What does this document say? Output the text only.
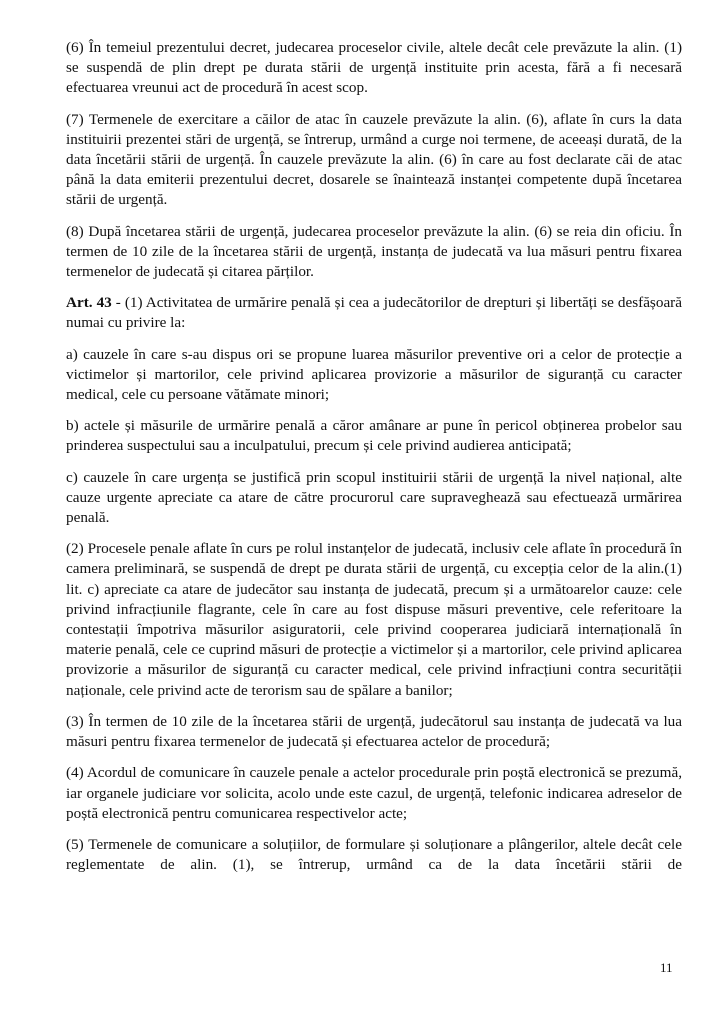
(6) În temeiul prezentului decret, judecarea proceselor civile, altele decât cele prevăzute la alin. (1) se suspendă de plin drept pe durata stării de urgență instituite prin acesta, fără a fi necesară efectuarea vreunui act de procedură în acest scop.

(7) Termenele de exercitare a căilor de atac în cauzele prevăzute la alin. (6), aflate în curs la data instituirii prezentei stări de urgență, se întrerup, urmând a curge noi termene, de aceeași durată, de la data încetării stării de urgență. În cauzele prevăzute la alin. (6) în care au fost declarate căi de atac până la data emiterii prezentului decret, dosarele se înaintează instanței competente după încetarea stării de urgență.

(8) După încetarea stării de urgență, judecarea proceselor prevăzute la alin. (6) se reia din oficiu. În termen de 10 zile de la încetarea stării de urgență, instanța de judecată va lua măsuri pentru fixarea termenelor de judecată și citarea părților.

Art. 43 - (1) Activitatea de urmărire penală și cea a judecătorilor de drepturi și libertăți se desfășoară numai cu privire la:

a) cauzele în care s-au dispus ori se propune luarea măsurilor preventive ori a celor de protecție a victimelor și martorilor, cele privind aplicarea provizorie a măsurilor de siguranță cu caracter medical, cele cu persoane vătămate minori;

b) actele și măsurile de urmărire penală a căror amânare ar pune în pericol obținerea probelor sau prinderea suspectului sau a inculpatului, precum și cele privind audierea anticipată;

c) cauzele în care urgența se justifică prin scopul instituirii stării de urgență la nivel național, alte cauze urgente apreciate ca atare de către procurorul care supraveghează sau efectuează urmărirea penală.

(2) Procesele penale aflate în curs pe rolul instanțelor de judecată, inclusiv cele aflate în procedură în camera preliminară, se suspendă de drept pe durata stării de urgență, cu excepția celor de la alin.(1) lit. c) apreciate ca atare de judecător sau instanța de judecată, precum și a următoarelor cauze: cele privind infracțiunile flagrante, cele în care au fost dispuse măsuri preventive, cele referitoare la contestații împotriva măsurilor asiguratorii, cele privind cooperarea judiciară internațională în materie penală, cele ce cuprind măsuri de protecție a victimelor și a martorilor, cele privind aplicarea provizorie a măsurilor de siguranță cu caracter medical, cele privind infracțiuni contra securității naționale, cele privind acte de terorism sau de spălare a banilor;

(3) În termen de 10 zile de la încetarea stării de urgență, judecătorul sau instanța de judecată va lua măsuri pentru fixarea termenelor de judecată și efectuarea actelor de procedură;

(4) Acordul de comunicare în cauzele penale a actelor procedurale prin poștă electronică se prezumă, iar organele judiciare vor solicita, acolo unde este cazul, de urgență, telefonic indicarea adreselor de poștă electronică pentru comunicarea respectivelor acte;

(5) Termenele de comunicare a soluțiilor, de formulare și soluționare a plângerilor, altele decât cele reglementate de alin. (1), se întrerup, urmând ca de la data încetării stării de

11
